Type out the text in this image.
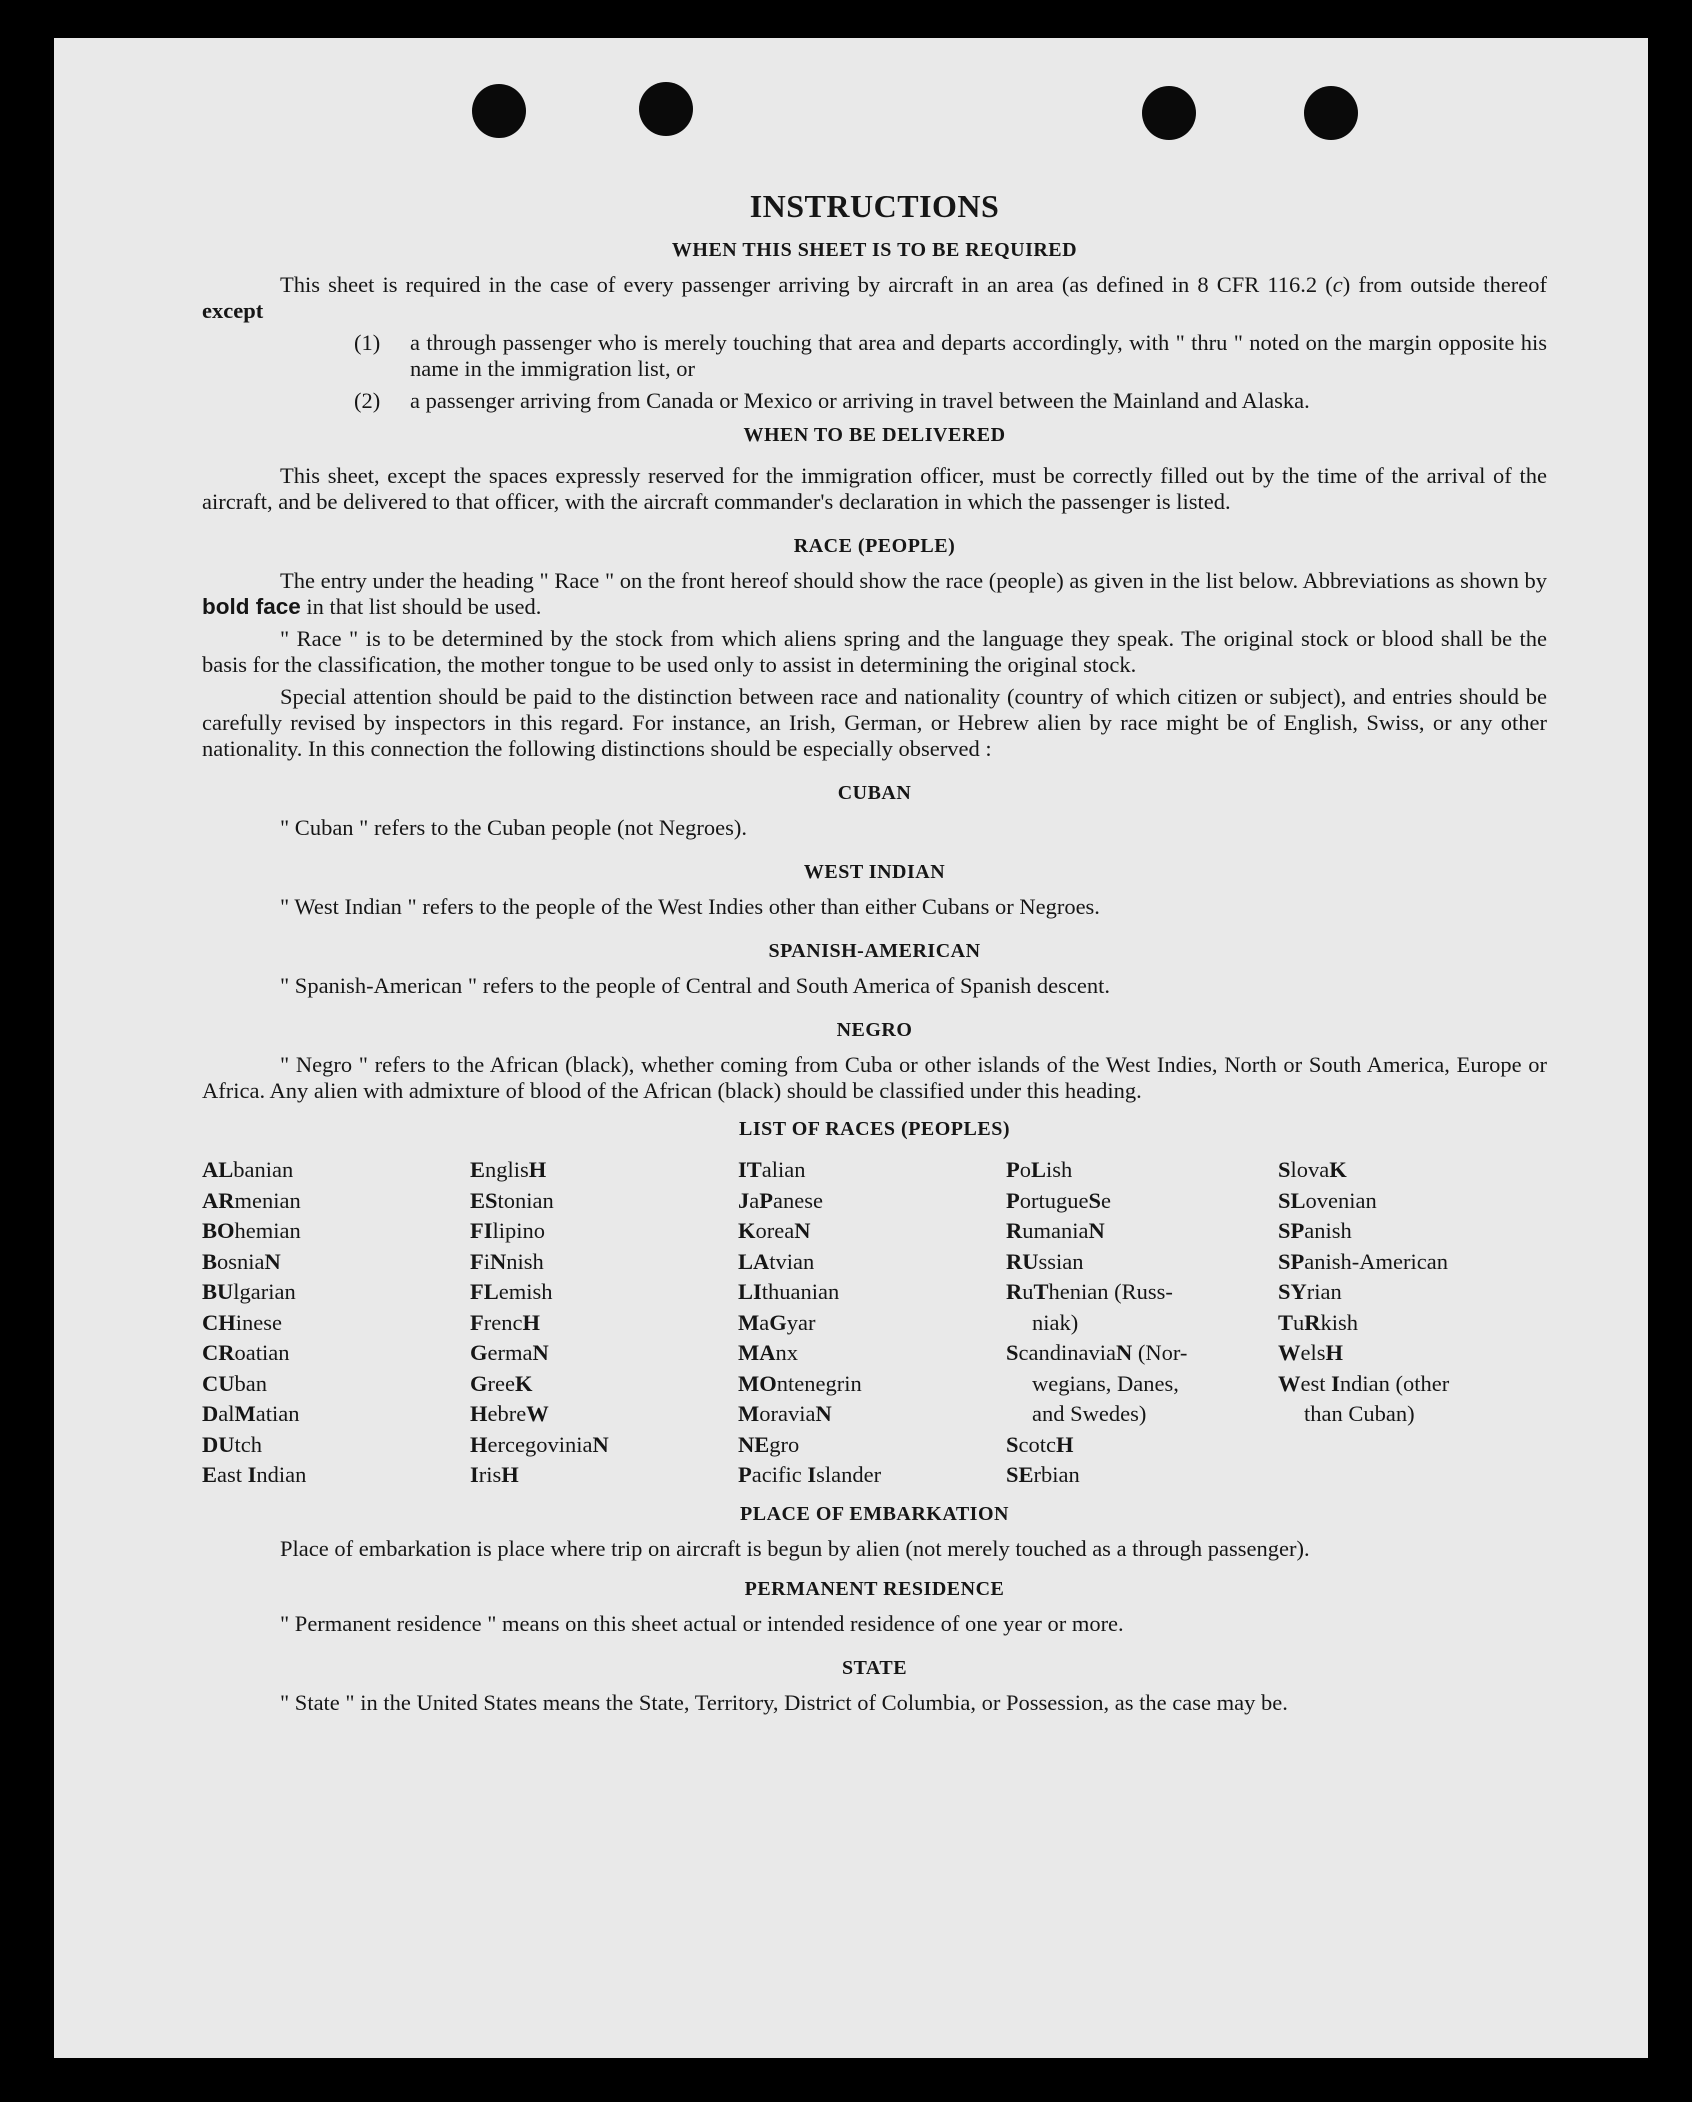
INSTRUCTIONS
WHEN THIS SHEET IS TO BE REQUIRED

This sheet is required in the case of every passenger arriving by aircraft in an area (as defined in 8 CFR 116.2 (c) from outside thereof except

(1)	a through passenger who is merely touching that area and departs accordingly, with " thru " noted on the margin opposite his name in the immigration list, or
(2)	a passenger arriving from Canada or Mexico or arriving in travel between the Mainland and Alaska.
WHEN TO BE DELIVERED

This sheet, except the spaces expressly reserved for the immigration officer, must be correctly filled out by the time of the arrival of the aircraft, and be delivered to that officer, with the aircraft commander's declaration in which the passenger is listed.

RACE (PEOPLE)

The entry under the heading " Race " on the front hereof should show the race (people) as given in the list below. Abbreviations as shown by bold face in that list should be used.

" Race " is to be determined by the stock from which aliens spring and the language they speak. The original stock or blood shall be the basis for the classification, the mother tongue to be used only to assist in determining the original stock.

Special attention should be paid to the distinction between race and nationality (country of which citizen or subject), and entries should be carefully revised by inspectors in this regard. For instance, an Irish, German, or Hebrew alien by race might be of English, Swiss, or any other nationality. In this connection the following distinctions should be especially observed :

CUBAN

" Cuban " refers to the Cuban people (not Negroes).

WEST INDIAN

" West Indian " refers to the people of the West Indies other than either Cubans or Negroes.

SPANISH-AMERICAN

" Spanish-American " refers to the people of Central and South America of Spanish descent.

NEGRO

" Negro " refers to the African (black), whether coming from Cuba or other islands of the West Indies, North or South America, Europe or Africa. Any alien with admixture of blood of the African (black) should be classified under this heading.

LIST OF RACES (PEOPLES)
ALbanian
ARmenian
BOhemian
BosniaN
BUlgarian
CHinese
CRoatian
CUban
DalMatian
DUtch
East Indian
EnglisH
EStonian
FIlipino
FiNnish
FLemish
FrencH
GermaN
GreeK
HebreW
HercegoviniaN
IrisH
ITalian
JaPanese
KoreaN
LAtvian
LIthuanian
MaGyar
MAnx
MOntenegrin
MoraviaN
NEgro
Pacific Islander
PoLish
PortugueSe
RumaniaN
RUssian
RuThenian (Russ-
niak)
ScandinaviaN (Nor-
wegians, Danes,
and Swedes)
ScotcH
SErbian
SlovaK
SLovenian
SPanish
SPanish-American
SYrian
TuRkish
WelsH
West Indian (other
than Cuban)
PLACE OF EMBARKATION

Place of embarkation is place where trip on aircraft is begun by alien (not merely touched as a through passenger).

PERMANENT RESIDENCE

" Permanent residence " means on this sheet actual or intended residence of one year or more.

STATE

" State " in the United States means the State, Territory, District of Columbia, or Possession, as the case may be.
